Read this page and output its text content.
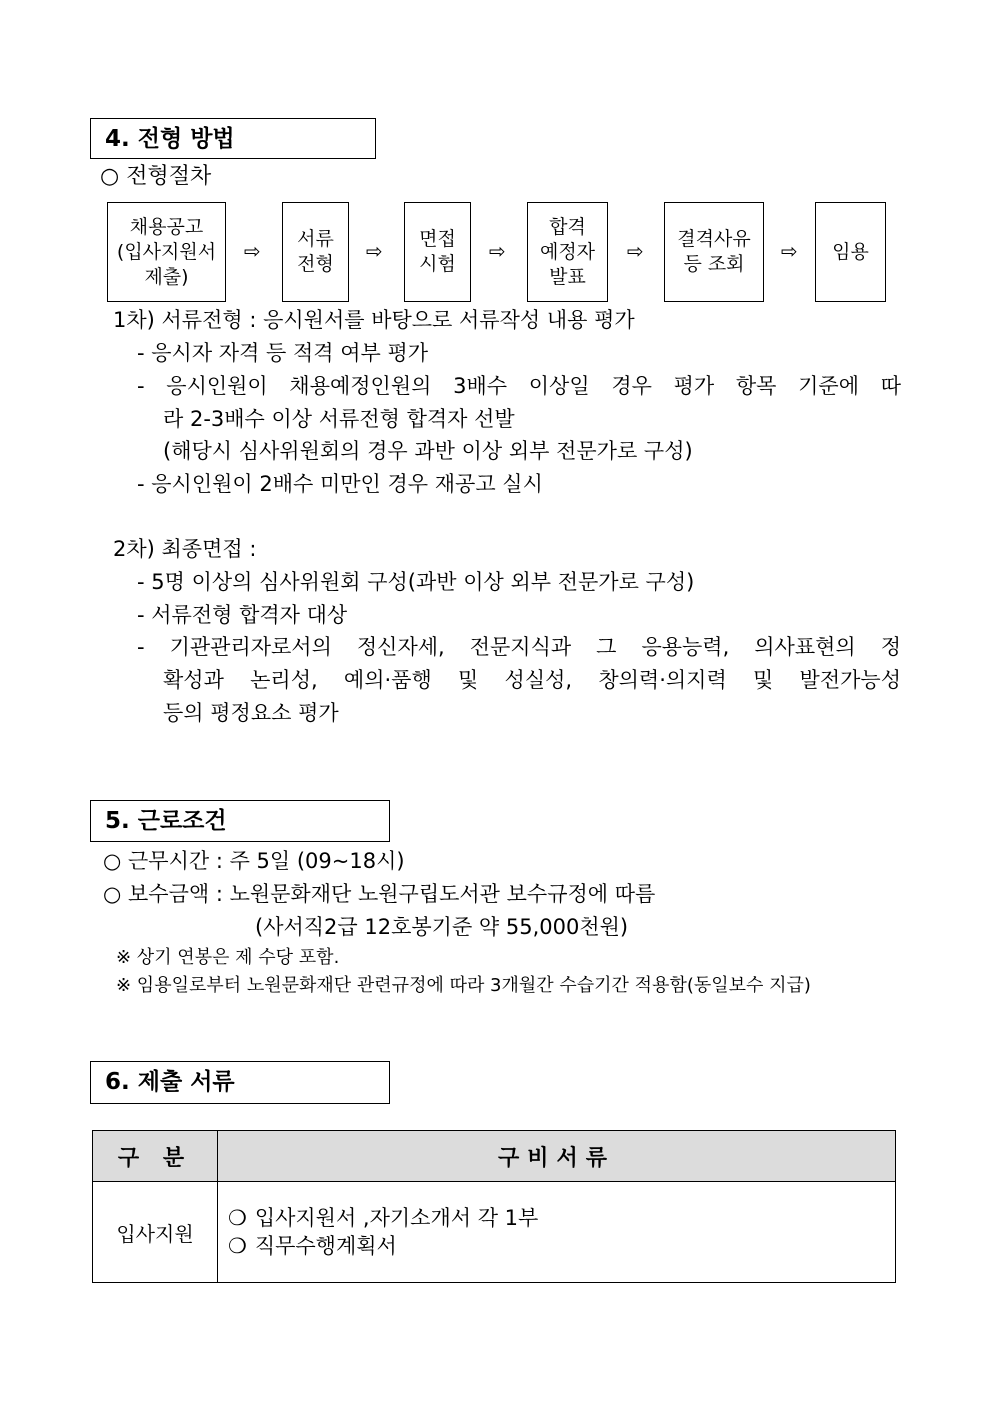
4. 전형 방법
○ 전형절차
채용공고
(입사지원서
제출)
⇨ 서류
전형
⇨ 면접
시험
⇨
합격
예정자
발표
⇨ 결격사유
등 조회
⇨ 임용
1차) 서류전형 : 응시원서를 바탕으로 서류작성 내용 평가
- 응시자 자격 등 적격 여부 평가
- 응시인원이 채용예정인원의 3배수 이상일 경우 평가 항목 기준에 따
라 2-3배수 이상 서류전형 합격자 선발
(해당시 심사위원회의 경우 과반 이상 외부 전문가로 구성)
- 응시인원이 2배수 미만인 경우 재공고 실시
2차) 최종면접 :
- 5명 이상의 심사위원회 구성(과반 이상 외부 전문가로 구성)
- 서류전형 합격자 대상
- 기관관리자로서의 정신자세, 전문지식과 그 응용능력, 의사표현의 정
확성과 논리성, 예의·품행 및 성실성, 창의력·의지력 및 발전가능성
등의 평정요소 평가
5. 근로조건
○ 근무시간 : 주 5일 (09~18시)
○ 보수금액 : 노원문화재단 노원구립도서관 보수규정에 따름
(사서직2급 12호봉기준 약 55,000천원)
※ 상기 연봉은 제 수당 포함.
※ 임용일로부터 노원문화재단 관련규정에 따라 3개월간 수습기간 적용함(동일보수 지급)
6. 제출 서류
구 분	구비서류
입사지원	❍ 입사지원서 ,자기소개서 각 1부
❍ 직무수행계획서
